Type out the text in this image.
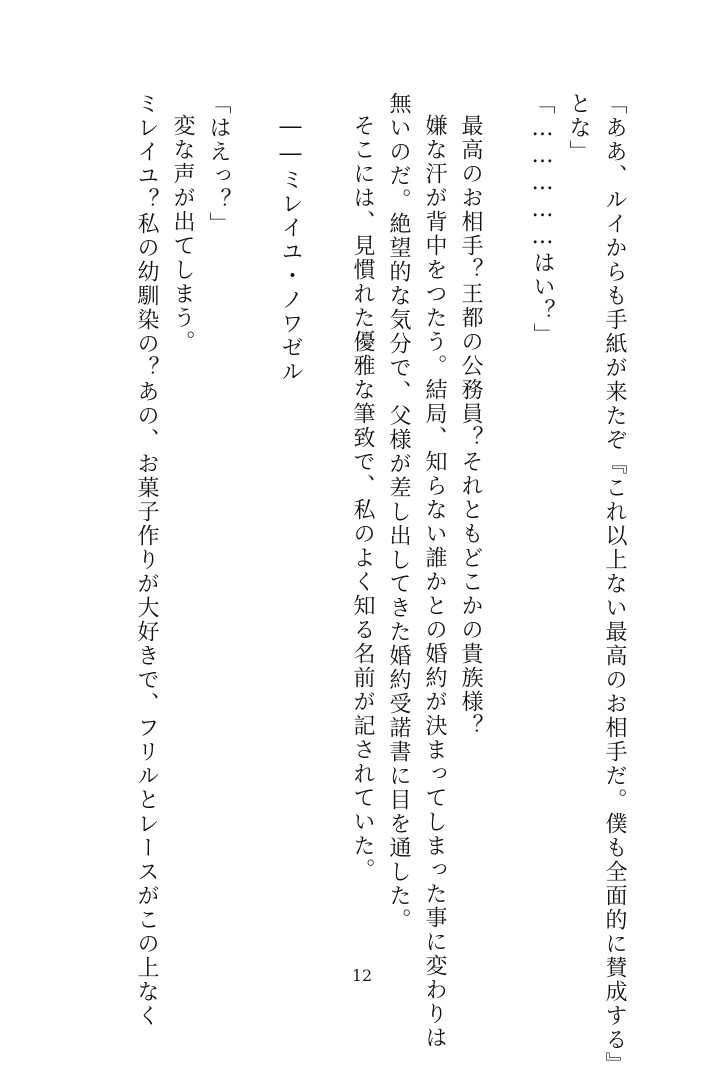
「ああ、ルイからも手紙が来たぞ『これ以上ない最高のお相手だ。僕も全面的に賛成する』

とな」

「……………はい？」

最高のお相手？王都の公務員？それともどこかの貴族様？

嫌な汗が背中をつたう。結局、知らない誰かとの婚約が決まってしまった事に変わりは

無いのだ。絶望的な気分で、父様が差し出してきた婚約受諾書に目を通した。

そこには、見慣れた優雅な筆致で、私のよく知る名前が記されていた。

――ミレイユ・ノワゼル

「はえっ？」

変な声が出てしまう。

ミレイユ？私の幼馴染の？あの、お菓子作りが大好きで、フリルとレースがこの上なく	12
